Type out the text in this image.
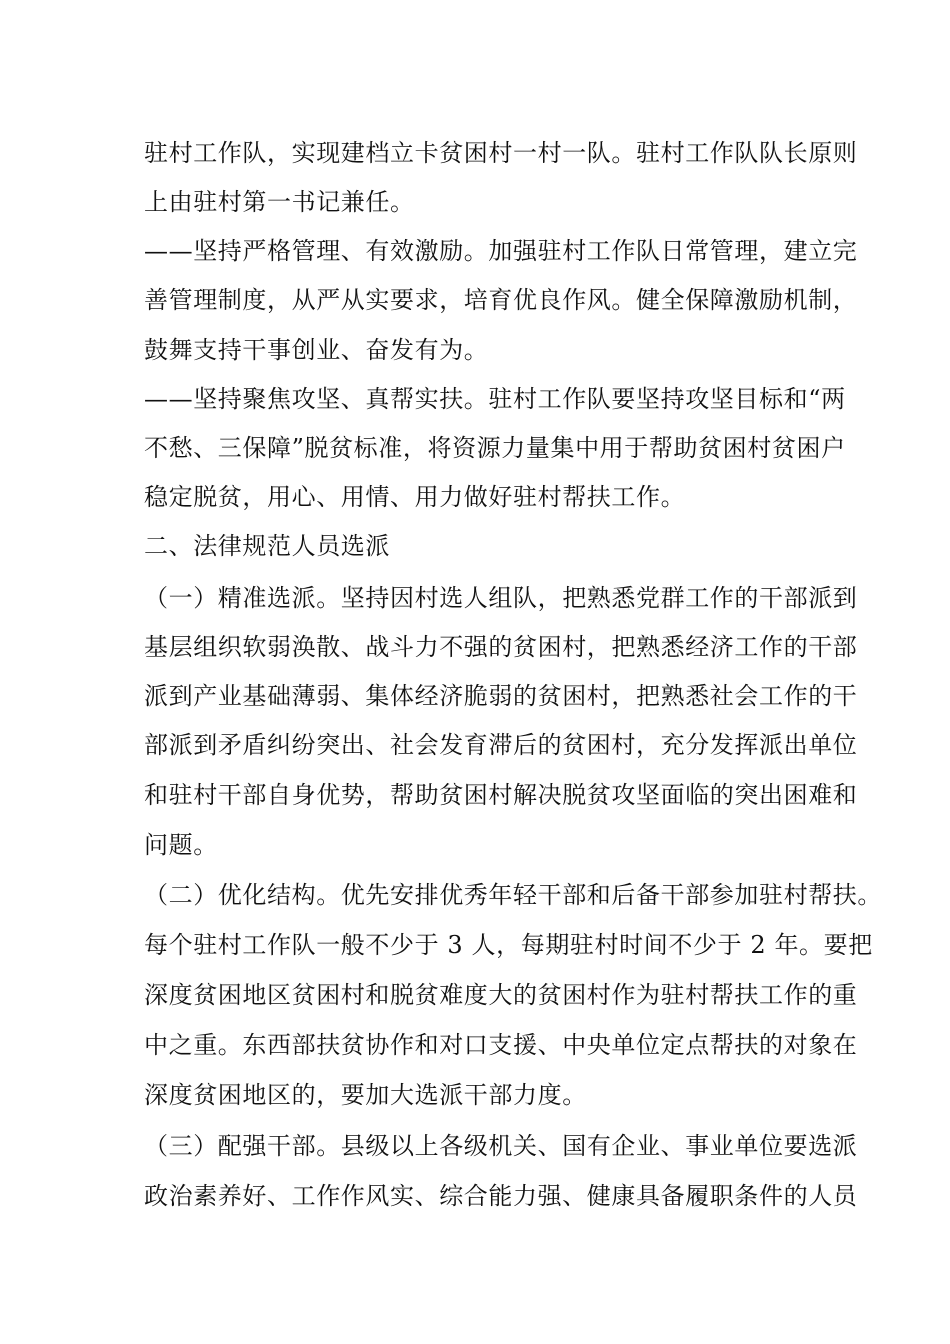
驻村工作队，实现建档立卡贫困村一村一队。驻村工作队队长原则

上由驻村第一书记兼任。

——坚持严格管理、有效激励。加强驻村工作队日常管理，建立完

善管理制度，从严从实要求，培育优良作风。健全保障激励机制，

鼓舞支持干事创业、奋发有为。

——坚持聚焦攻坚、真帮实扶。驻村工作队要坚持攻坚目标和“两

不愁、三保障”脱贫标准，将资源力量集中用于帮助贫困村贫困户

稳定脱贫，用心、用情、用力做好驻村帮扶工作。

二、法律规范人员选派

（一）精准选派。坚持因村选人组队，把熟悉党群工作的干部派到

基层组织软弱涣散、战斗力不强的贫困村，把熟悉经济工作的干部

派到产业基础薄弱、集体经济脆弱的贫困村，把熟悉社会工作的干

部派到矛盾纠纷突出、社会发育滞后的贫困村，充分发挥派出单位

和驻村干部自身优势，帮助贫困村解决脱贫攻坚面临的突出困难和

问题。

（二）优化结构。优先安排优秀年轻干部和后备干部参加驻村帮扶。

每个驻村工作队一般不少于 3 人，每期驻村时间不少于 2 年。要把

深度贫困地区贫困村和脱贫难度大的贫困村作为驻村帮扶工作的重

中之重。东西部扶贫协作和对口支援、中央单位定点帮扶的对象在

深度贫困地区的，要加大选派干部力度。

（三）配强干部。县级以上各级机关、国有企业、事业单位要选派

政治素养好、工作作风实、综合能力强、健康具备履职条件的人员
